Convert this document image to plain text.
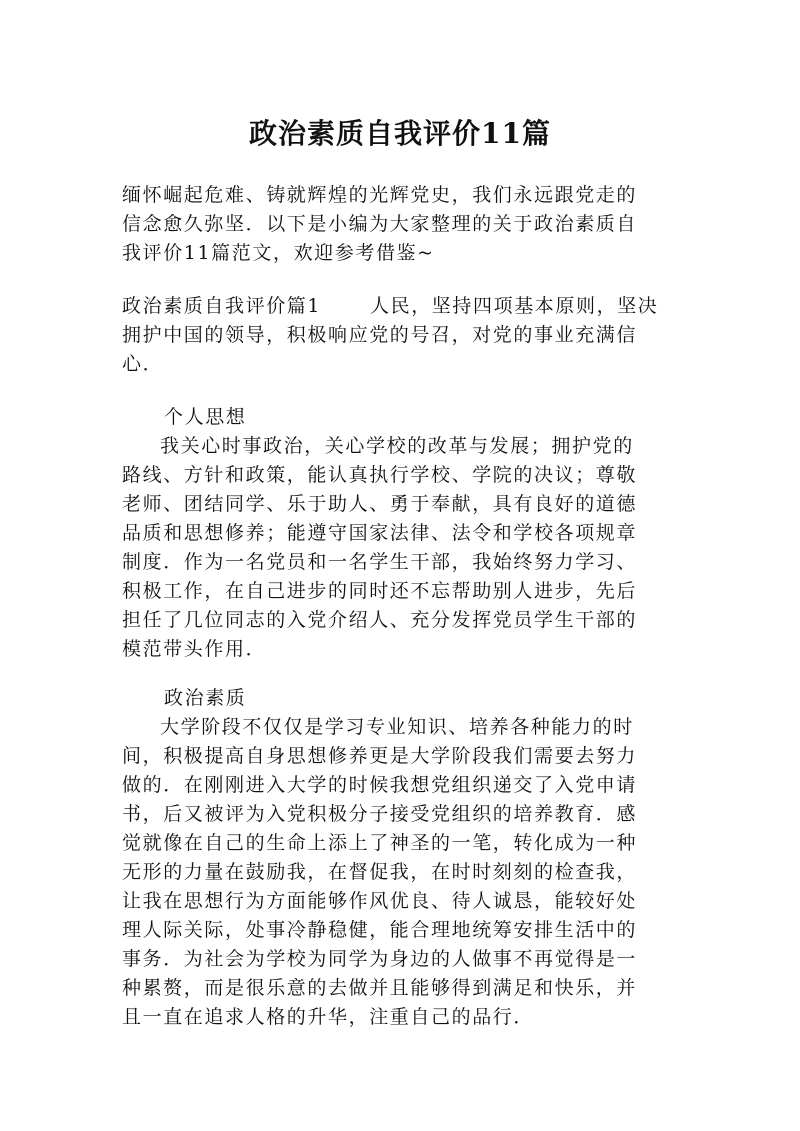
政治素质自我评价11篇
缅怀崛起危难、铸就辉煌的光辉党史，我们永远跟党走的
信念愈久弥坚．以下是小编为大家整理的关于政治素质自
我评价11篇范文，欢迎参考借鉴~
政治素质自我评价篇1	人民，坚持四项基本原则，坚决
拥护中国的领导，积极响应党的号召，对党的事业充满信
心．
个人思想
我关心时事政治，关心学校的改革与发展；拥护党的
路线、方针和政策，能认真执行学校、学院的决议；尊敬
老师、团结同学、乐于助人、勇于奉献，具有良好的道德
品质和思想修养；能遵守国家法律、法令和学校各项规章
制度．作为一名党员和一名学生干部，我始终努力学习、
积极工作，在自己进步的同时还不忘帮助别人进步，先后
担任了几位同志的入党介绍人、充分发挥党员学生干部的
模范带头作用．
政治素质
大学阶段不仅仅是学习专业知识、培养各种能力的时
间，积极提高自身思想修养更是大学阶段我们需要去努力
做的．在刚刚进入大学的时候我想党组织递交了入党申请
书，后又被评为入党积极分子接受党组织的培养教育．感
觉就像在自己的生命上添上了神圣的一笔，转化成为一种
无形的力量在鼓励我，在督促我，在时时刻刻的检查我，
让我在思想行为方面能够作风优良、待人诚恳，能较好处
理人际关际，处事冷静稳健，能合理地统筹安排生活中的
事务．为社会为学校为同学为身边的人做事不再觉得是一
种累赘，而是很乐意的去做并且能够得到满足和快乐，并
且一直在追求人格的升华，注重自己的品行．
